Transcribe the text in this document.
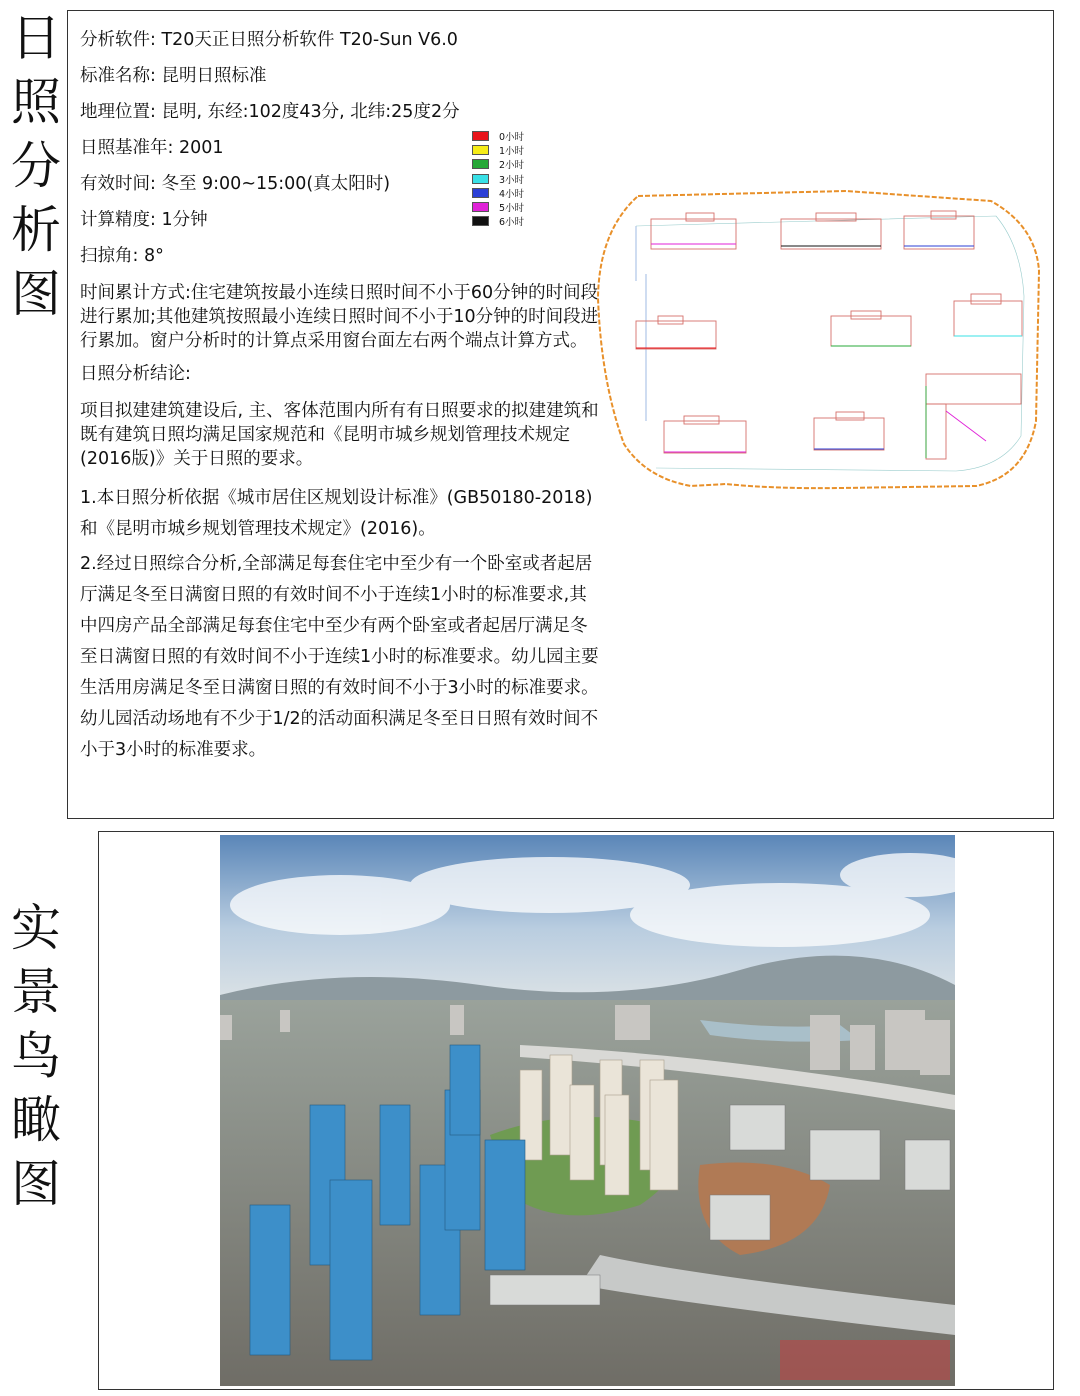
日
照
分
析
图
实
景
鸟
瞰
图
分析软件: T20天正日照分析软件 T20-Sun V6.0
标准名称: 昆明日照标准
地理位置: 昆明, 东经:102度43分, 北纬:25度2分
日照基准年: 2001
有效时间: 冬至 9:00~15:00(真太阳时)
计算精度: 1分钟
扫掠角: 8°
时间累计方式:住宅建筑按最小连续日照时间不小于60分钟的时间段进行累加;其他建筑按照最小连续日照时间不小于10分钟的时间段进行累加。窗户分析时的计算点采用窗台面左右两个端点计算方式。
日照分析结论:
项目拟建建筑建设后, 主、客体范围内所有有日照要求的拟建建筑和既有建筑日照均满足国家规范和《昆明市城乡规划管理技术规定(2016版)》关于日照的要求。
1.本日照分析依据《城市居住区规划设计标准》(GB50180-2018)和《昆明市城乡规划管理技术规定》(2016)。
2.经过日照综合分析,全部满足每套住宅中至少有一个卧室或者起居厅满足冬至日满窗日照的有效时间不小于连续1小时的标准要求,其中四房产品全部满足每套住宅中至少有两个卧室或者起居厅满足冬至日满窗日照的有效时间不小于连续1小时的标准要求。幼儿园主要生活用房满足冬至日满窗日照的有效时间不小于3小时的标准要求。幼儿园活动场地有不少于1/2的活动面积满足冬至日日照有效时间不小于3小时的标准要求。
0小时
1小时
2小时
3小时
4小时
5小时
6小时
